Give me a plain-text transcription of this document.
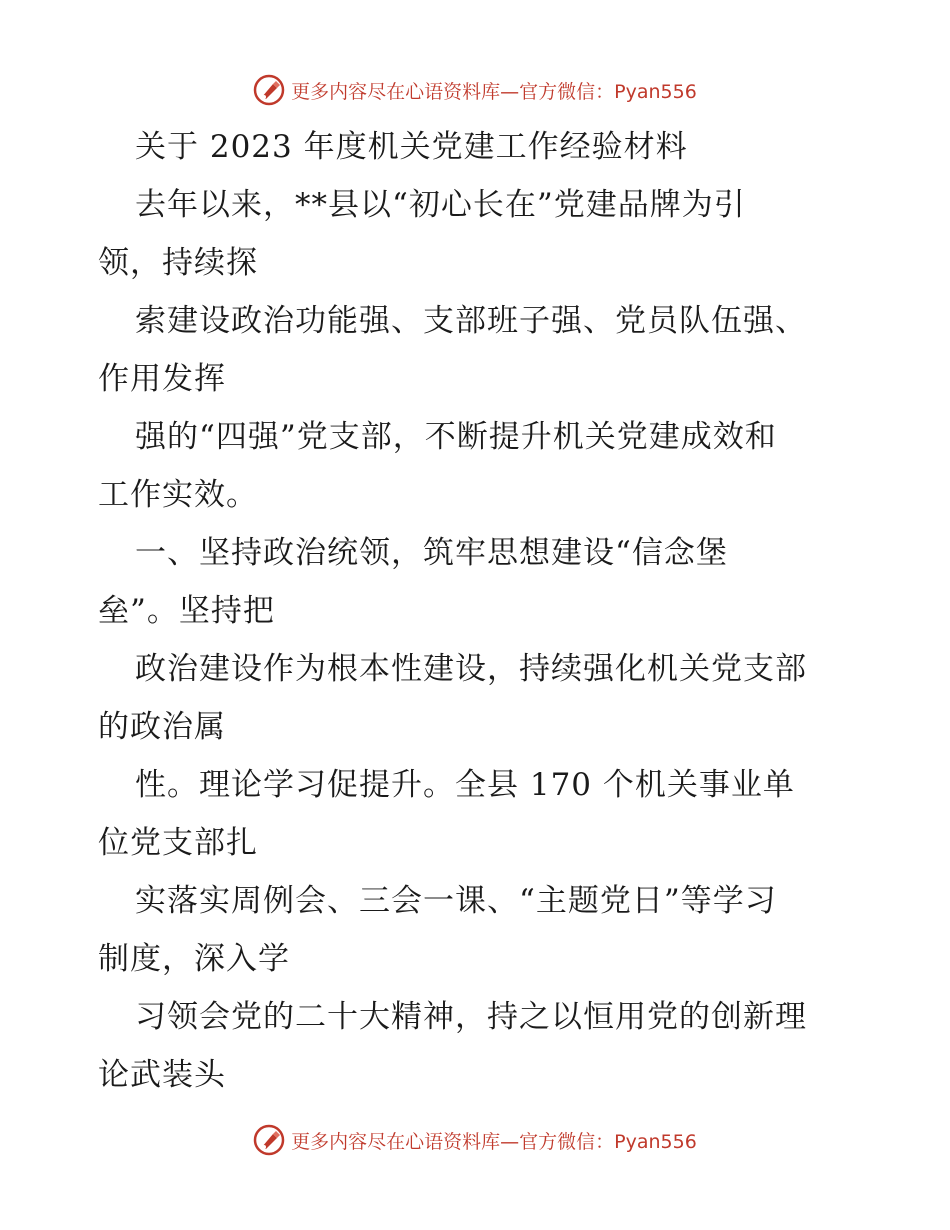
更多内容尽在心语资料库—官方微信：Pyan556
关于 2023 年度机关党建工作经验材料
去年以来，**县以“初心长在”党建品牌为引
领，持续探
索建设政治功能强、支部班子强、党员队伍强、
作用发挥
强的“四强”党支部，不断提升机关党建成效和
工作实效。
一、坚持政治统领，筑牢思想建设“信念堡
垒”。坚持把
政治建设作为根本性建设，持续强化机关党支部
的政治属
性。理论学习促提升。全县 170 个机关事业单
位党支部扎
实落实周例会、三会一课、“主题党日”等学习
制度，深入学
习领会党的二十大精神，持之以恒用党的创新理
论武装头
更多内容尽在心语资料库—官方微信：Pyan556
